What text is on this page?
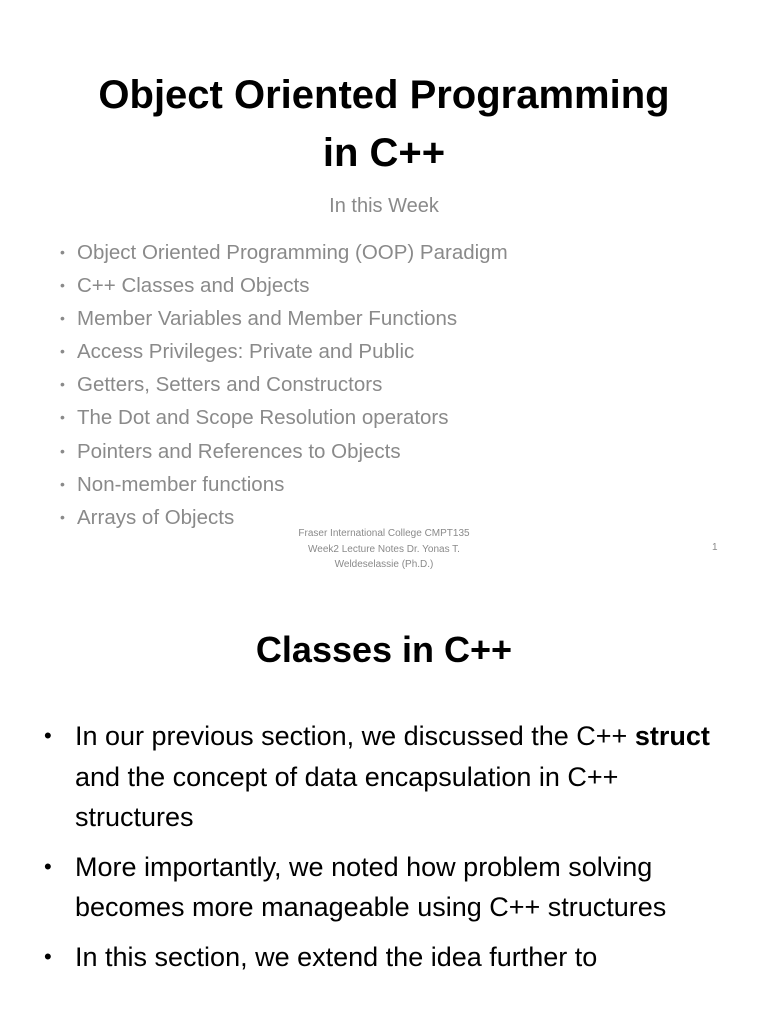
Object Oriented Programming
in C++
In this Week
• Object Oriented Programming (OOP) Paradigm
• C++ Classes and Objects
• Member Variables and Member Functions
• Access Privileges: Private and Public
• Getters, Setters and Constructors
• The Dot and Scope Resolution operators
• Pointers and References to Objects
• Non-member functions
• Arrays of Objects
Fraser International College CMPT135
Week2 Lecture Notes Dr. Yonas T.
Weldeselassie (Ph.D.)
1
Classes in C++
• In our previous section, we discussed the C++ struct and the concept of data encapsulation in C++ structures
• More importantly, we noted how problem solving becomes more manageable using C++ structures
• In this section, we extend the idea further to
